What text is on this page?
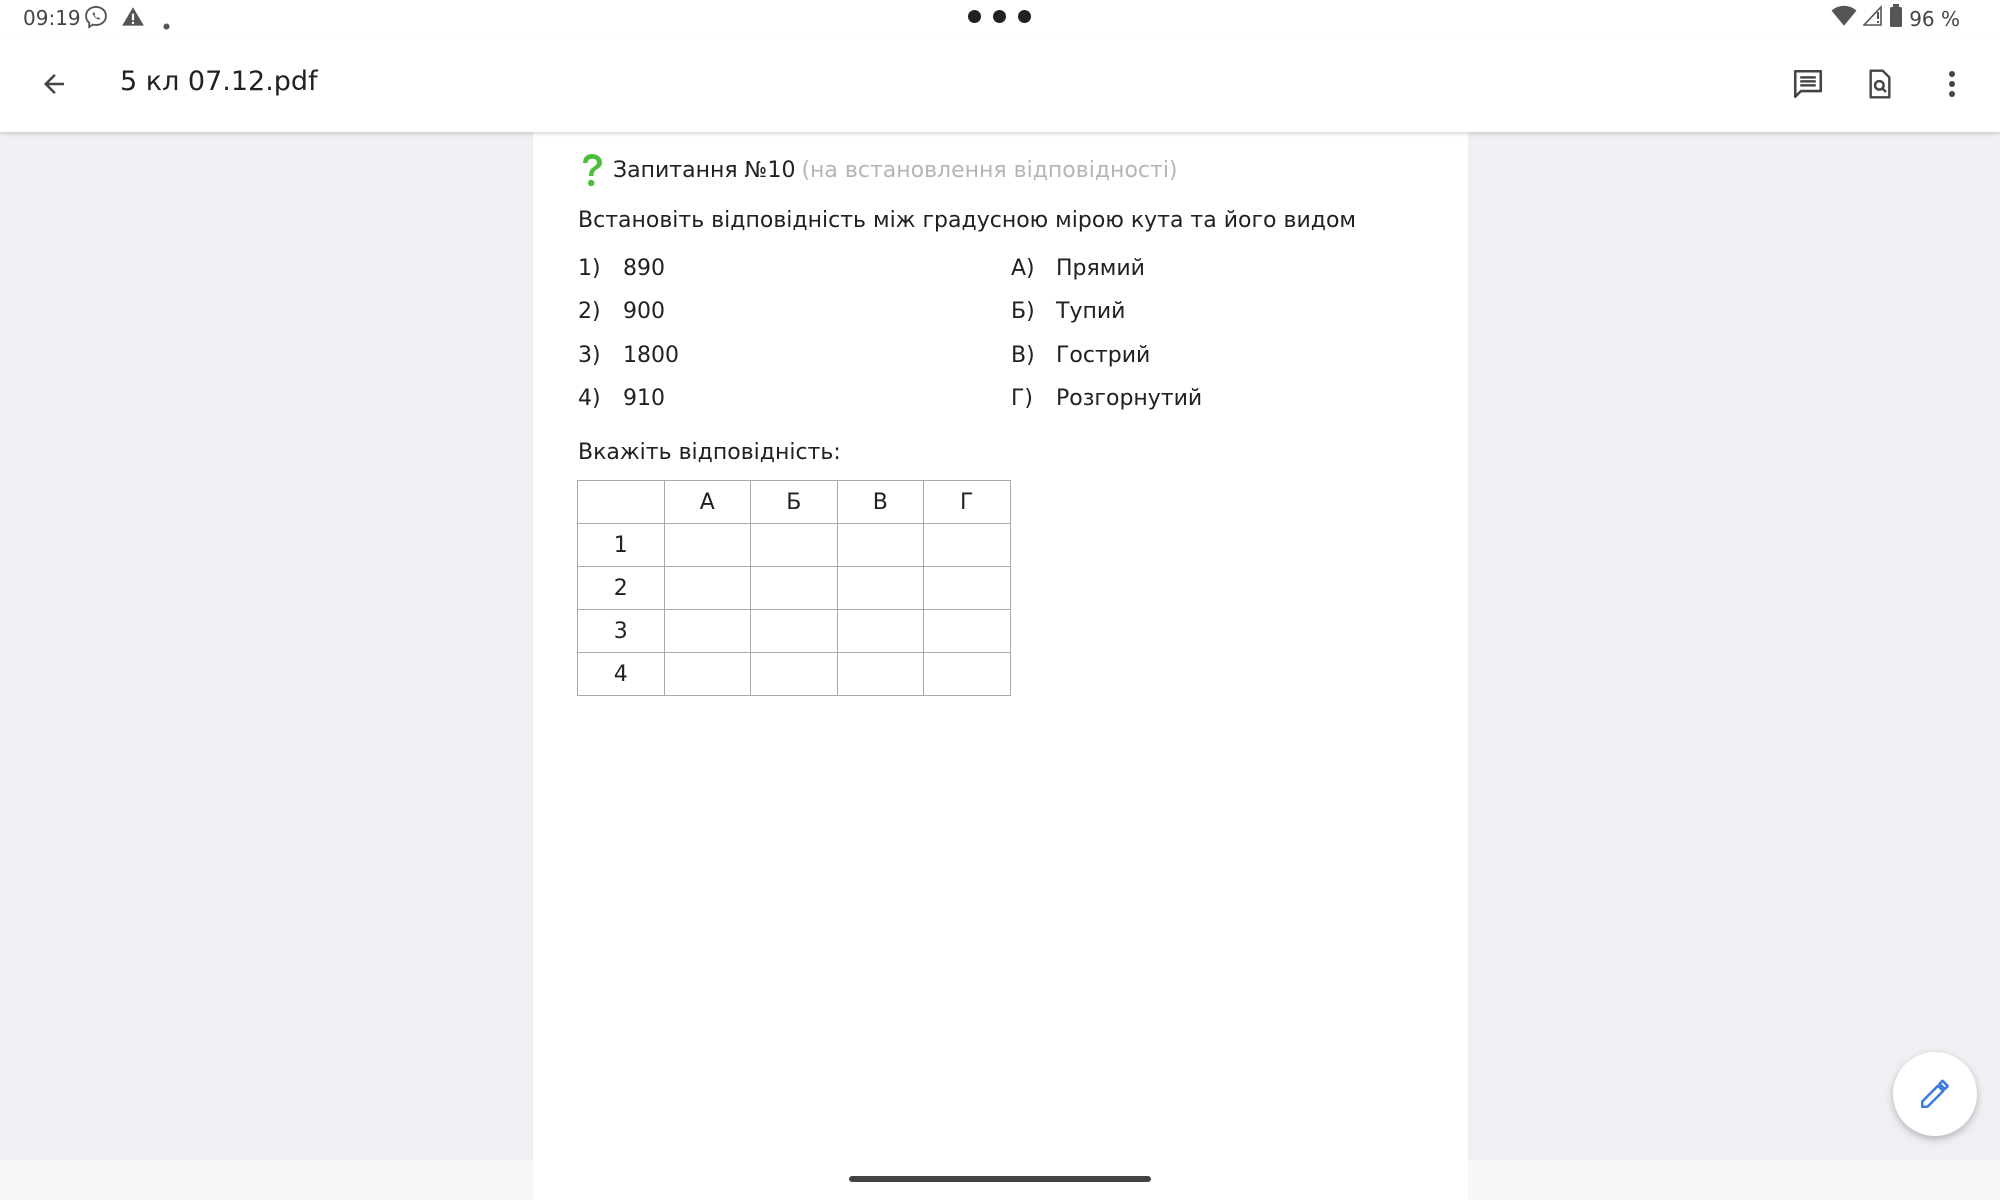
09:19	96 %
5 кл 07.12.pdf
Запитання №10 (на встановлення відповідності)
Встановіть відповідність між градусною мірою кута та його видом
1)	890
2)	900
3)	1800
4)	910
А) Прямий
Б) Тупий
В) Гострий
Г)	Розгорнутий
Вкажіть відповідність:
	А	Б	В	Г
1				
2				
3				
4				
